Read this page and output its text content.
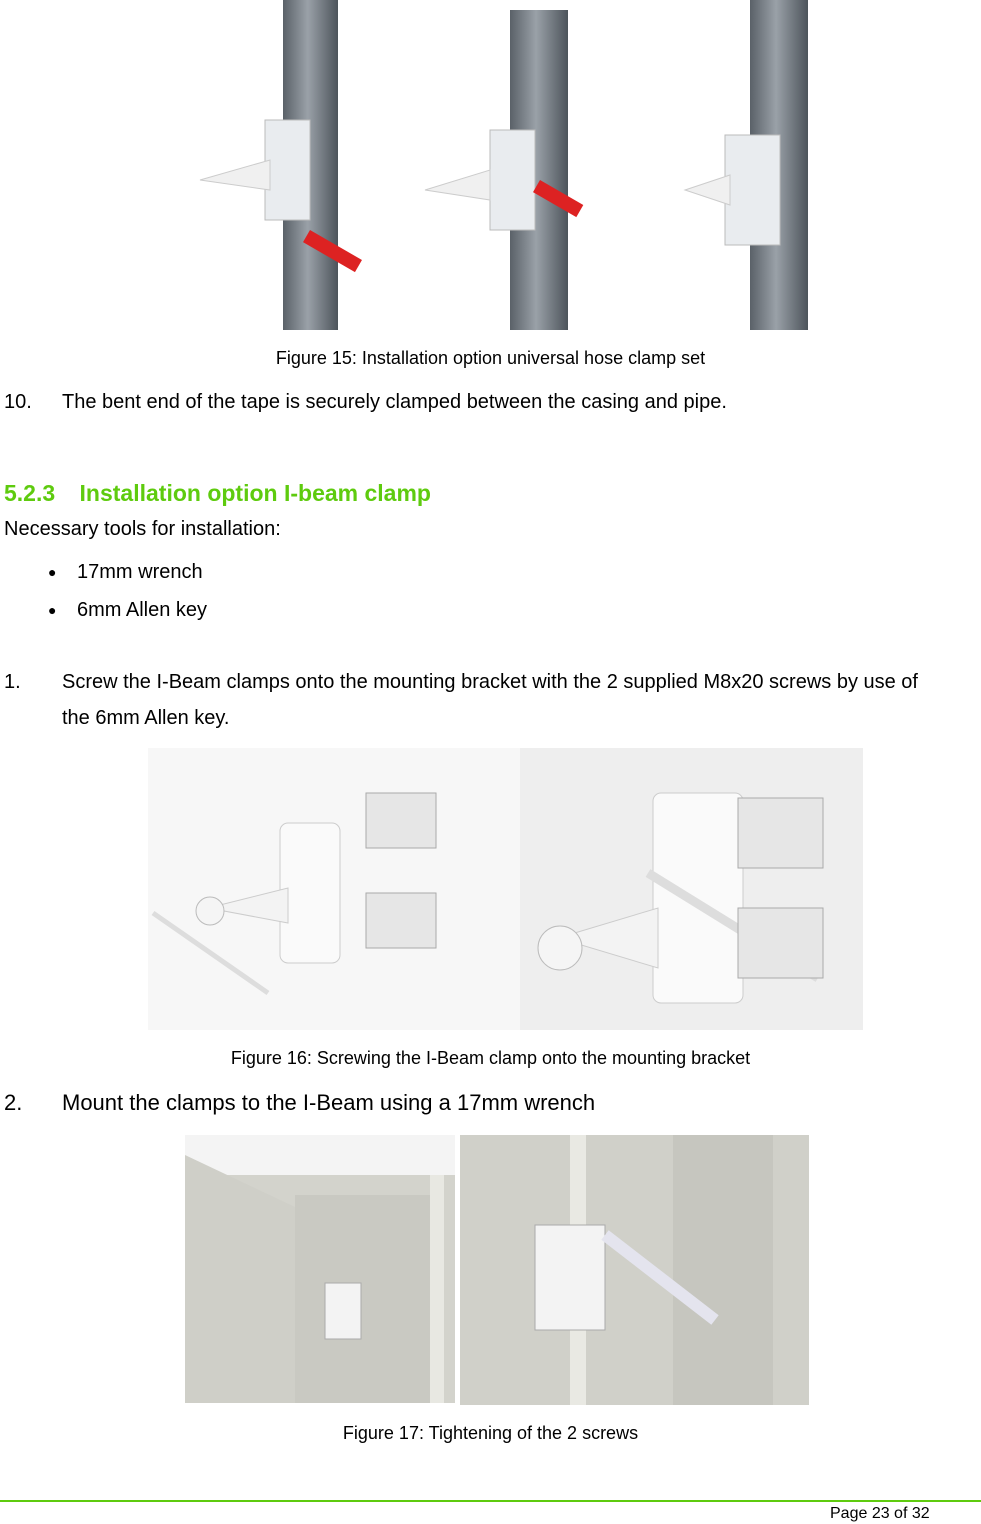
Figure 15: Installation option universal hose clamp set
10. The bent end of the tape is securely clamped between the casing and pipe.
5.2.3 Installation option I-beam clamp
Necessary tools for installation:
● 17mm wrench
● 6mm Allen key
1. Screw the I-Beam clamps onto the mounting bracket with the 2 supplied M8x20 screws by use of
the 6mm Allen key.
Figure 16: Screwing the I-Beam clamp onto the mounting bracket
2. Mount the clamps to the I-Beam using a 17mm wrench
Figure 17: Tightening of the 2 screws
Page 23 of 32
